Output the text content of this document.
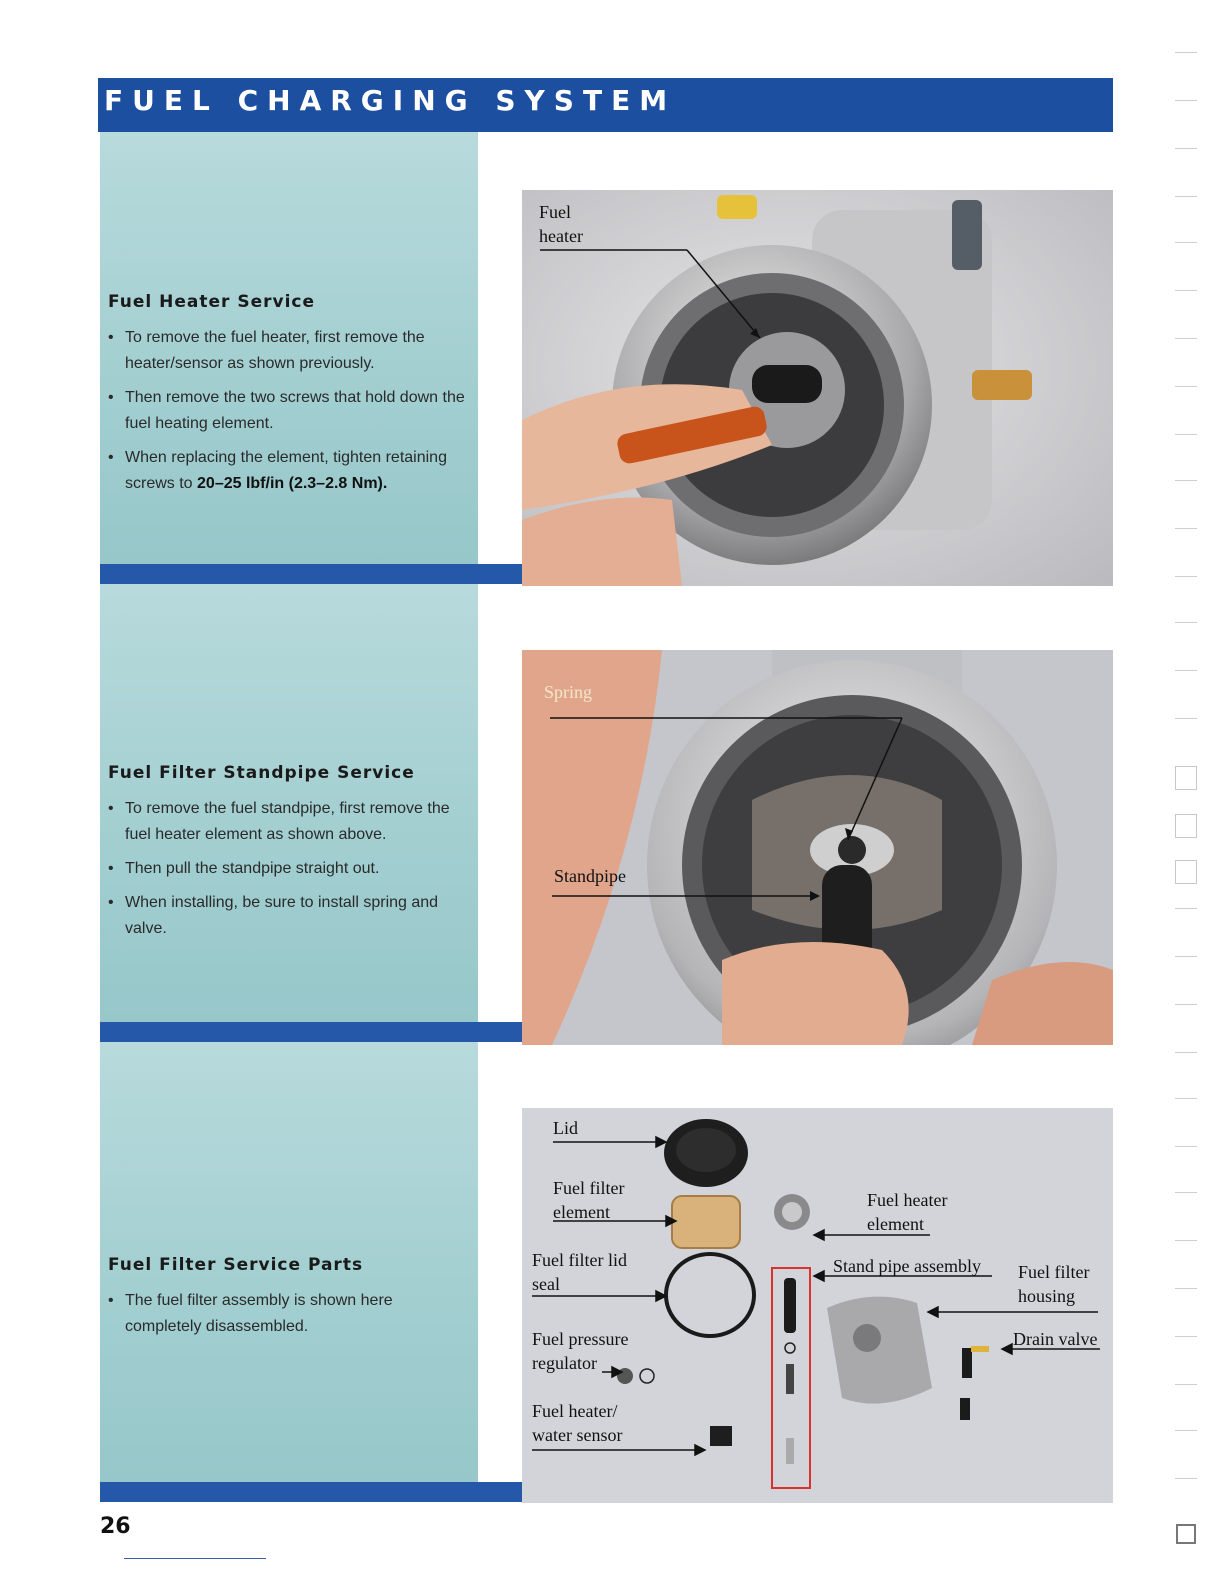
FUEL CHARGING SYSTEM
Fuel Heater Service
• To remove the fuel heater, first remove the heater/sensor as shown previously.
• Then remove the two screws that hold down the fuel heating element.
• When replacing the element, tighten retaining screws to 20–25 lbf/in (2.3–2.8 Nm).
Fuel heater
Fuel Filter Standpipe Service
• To remove the fuel standpipe, first remove the fuel heater element as shown above.
• Then pull the standpipe straight out.
• When installing, be sure to install spring and valve.
Spring
Standpipe
Fuel Filter Service Parts
• The fuel filter assembly is shown here completely disassembled.
Lid
Fuel filter element
Fuel heater element
Fuel filter lid seal
Stand pipe assembly Fuel filter housing
Fuel pressure regulator
Drain valve
Fuel heater/ water sensor
26
